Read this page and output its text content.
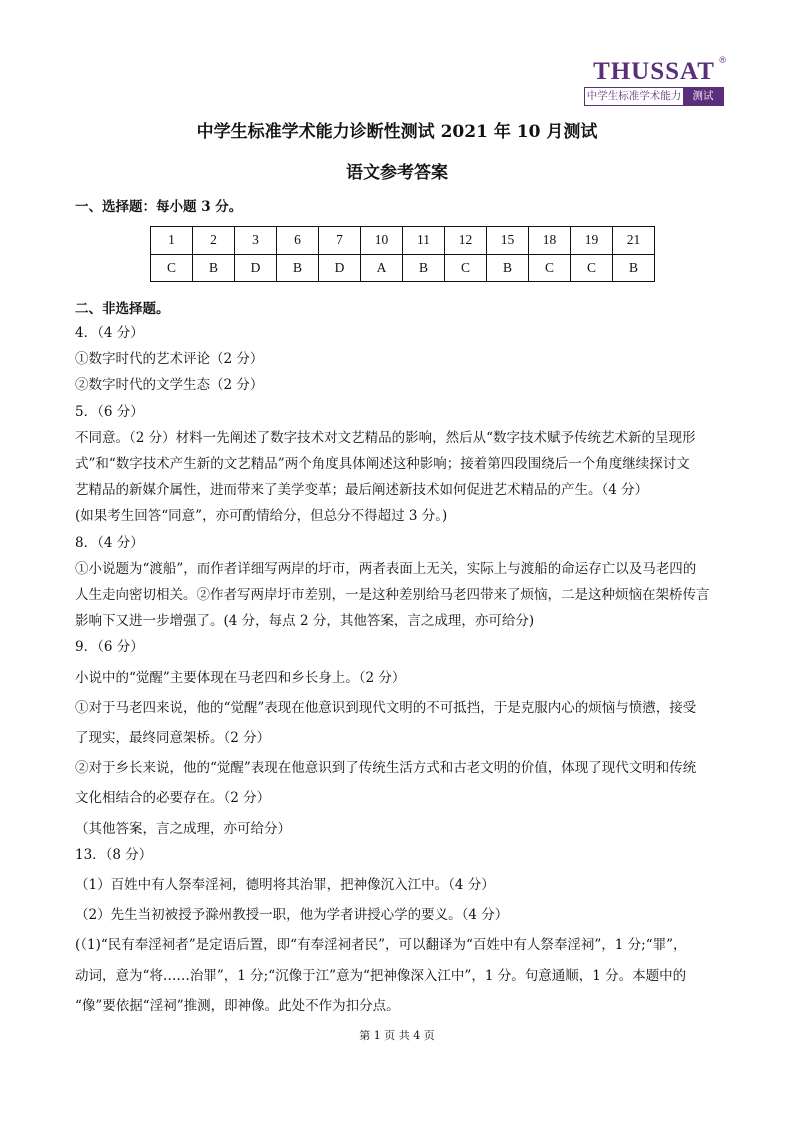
THUSSAT ®
中学生标准学术能力	测试
中学生标准学术能力诊断性测试 2021 年 10 月测试
语文参考答案
一、选择题：每小题 3 分。
1	2	3	6	7	10	11	12	15	18	19	21
C	B	D	B	D	A	B	C	B	C	C	B
二、非选择题。

4．（4 分）

①数字时代的艺术评论（2 分）

②数字时代的文学生态（2 分）

5．（6 分）

不同意。（2 分）材料一先阐述了数字技术对文艺精品的影响，然后从“数字技术赋予传统艺术新的呈现形

式”和“数字技术产生新的文艺精品”两个角度具体阐述这种影响；接着第四段围绕后一个角度继续探讨文

艺精品的新媒介属性，进而带来了美学变革；最后阐述新技术如何促进艺术精品的产生。（4 分）

(如果考生回答“同意”，亦可酌情给分，但总分不得超过 3 分。)

8．（4 分）

①小说题为“渡船”，而作者详细写两岸的圩市，两者表面上无关，实际上与渡船的命运存亡以及马老四的

人生走向密切相关。②作者写两岸圩市差别，一是这种差别给马老四带来了烦恼，二是这种烦恼在架桥传言

影响下又进一步增强了。(4 分，每点 2 分，其他答案，言之成理，亦可给分)

9．（6 分）

小说中的“觉醒”主要体现在马老四和乡长身上。（2 分）

①对于马老四来说，他的“觉醒”表现在他意识到现代文明的不可抵挡，于是克服内心的烦恼与愤懑，接受

了现实，最终同意架桥。（2 分）

②对于乡长来说，他的“觉醒”表现在他意识到了传统生活方式和古老文明的价值，体现了现代文明和传统

文化相结合的必要存在。（2 分）

（其他答案，言之成理，亦可给分）

13．（8 分）

（1）百姓中有人祭奉淫祠，德明将其治罪，把神像沉入江中。（4 分）

（2）先生当初被授予滁州教授一职，他为学者讲授心学的要义。（4 分）

(（1)“民有奉淫祠者”是定语后置，即“有奉淫祠者民”，可以翻译为“百姓中有人祭奉淫祠”，1 分;“罪”，

动词，意为“将……治罪”，1 分;“沉像于江”意为“把神像深入江中”，1 分。句意通顺，1 分。本题中的

“像”要依据“淫祠”推测，即神像。此处不作为扣分点。

第 1 页 共 4 页
